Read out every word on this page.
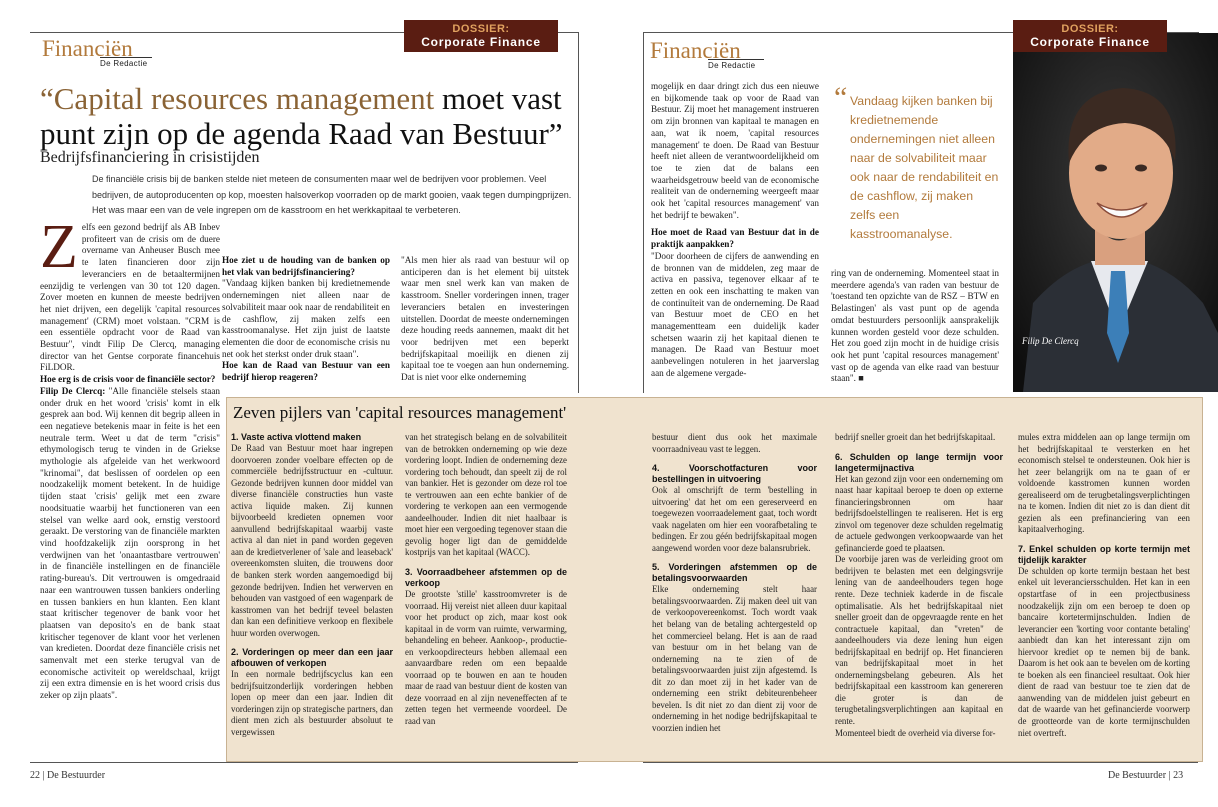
DOSSIER:
Corporate Finance
Financiën
De Redactie
“Capital resources management moet vast punt zijn op de agenda Raad van Bestuur”
Bedrijfsfinanciering in crisistijden
De financiële crisis bij de banken stelde niet meteen de consumenten maar wel de bedrijven voor problemen. Veel bedrijven, de autoproducenten op kop, moesten halsoverkop voorraden op de markt gooien, vaak tegen dumpingprijzen. Het was maar een van de vele ingrepen om de kasstroom en het werkkapitaal te verbeteren.

Zelfs een gezond bedrijf als AB Inbev profiteert van de crisis om de duere overname van Anheuser Busch mee te laten financieren door zijn leveranciers en de betaaltermijnen eenzijdig te verlengen van 30 tot 120 dagen. Zover moeten en kunnen de meeste bedrijven het niet drijven, een degelijk 'capital resources management' (CRM) moet volstaan. "CRM is een essentiële opdracht voor de Raad van Bestuur", vindt Filip De Clercq, managing director van het Gentse corporate financehuis FiLDOR.

Hoe erg is de crisis voor de financiële sector?

Filip De Clercq: "Alle financiële stelsels staan onder druk en het woord 'crisis' komt in elk gesprek aan bod. Wij kennen dit begrip alleen in een negatieve betekenis maar in feite is het een neutrale term. Weet u dat de term "crisis" ethymologisch terug te vinden in de Griekse mythologie als afgeleide van het werkwoord "krinomai", dat beslissen of oordelen op een noodzakelijk moment betekent. In de huidige tijden staat 'crisis' gelijk met een zware noodsituatie waarbij het functioneren van een stelsel van welke aard ook, ernstig verstoord geraakt. De verstoring van de financiële markten vind hoofdzakelijk zijn oorsprong in het verdwijnen van het 'onaantastbare vertrouwen' in de financiële instellingen en de financiële rating-bureau's. Dit vertrouwen is omgedraaid naar een wantrouwen tussen bankiers onderling en tussen bankiers en hun klanten. Een klant staat kritischer tegenover de bank voor het plaatsen van deposito's en de bank staat kritischer tegenover de klant voor het verlenen van kredieten. Doordat deze financiële crisis net samenvalt met een sterke terugval van de economische activiteit op wereldschaal, krijgt zij een extra dimensie en is het woord crisis dus zeker op zijn plaats".

Hoe ziet u de houding van de banken op het vlak van bedrijfsfinanciering?

"Vandaag kijken banken bij kredietnemende ondernemingen niet alleen naar de solvabiliteit maar ook naar de rendabiliteit en de cashflow, zij maken zelfs een kasstroomanalyse. Het zijn juist de laatste elementen die door de economische crisis nu net ook het sterkst onder druk staan".

Hoe kan de Raad van Bestuur van een bedrijf hierop reageren?

"Als men hier als raad van bestuur wil op anticiperen dan is het element bij uitstek waar men snel werk kan van maken de kasstroom. Sneller vorderingen innen, trager leveranciers betalen en investeringen uitstellen. Doordat de meeste ondernemingen deze houding reeds aannemen, maakt dit het voor bedrijven met een beperkt bedrijfskapitaal moeilijk en dienen zij kapitaal toe te voegen aan hun onderneming. Dat is niet voor elke onderneming

Financiën
De Redactie

mogelijk en daar dringt zich dus een nieuwe en bijkomende taak op voor de Raad van Bestuur. Zij moet het management instrueren om zijn bronnen van kapitaal te managen en aan, wat ik noem, 'capital resources management' te doen. De Raad van Bestuur heeft niet alleen de verantwoordelijkheid om toe te zien dat de balans een waarheidsgetrouw beeld van de economische realiteit van de onderneming weergeeft maar ook het 'capital resources management' van het bedrijf te bewaken".

Hoe moet de Raad van Bestuur dat in de praktijk aanpakken?

"Door doorheen de cijfers de aanwending en de bronnen van de middelen, zeg maar de activa en passiva, tegenover elkaar af te zetten en ook een inschatting te maken van de continuïteit van de onderneming. De Raad van Bestuur moet de CEO en het managementteam een duidelijk kader schetsen waarin zij het kapitaal dienen te managen. De Raad van Bestuur moet aanbevelingen notuleren in het jaarverslag aan de algemene vergade-

“ Vandaag kijken banken bij kredietnemende ondernemingen niet alleen naar de solvabiliteit maar ook naar de rendabiliteit en de cashflow, zij maken zelfs een kasstroomanalyse.

ring van de onderneming. Momenteel staat in meerdere agenda's van raden van bestuur de 'toestand ten opzichte van de RSZ – BTW en Belastingen' als vast punt op de agenda omdat bestuurders persoonlijk aansprakelijk kunnen worden gesteld voor deze schulden. Het zou goed zijn mocht in de huidige crisis ook het punt 'capital resources management' vast op de agenda van elke raad van bestuur staan". ■

Filip De Clercq
DOSSIER:
Corporate Finance
Zeven pijlers van 'capital resources management'
1. Vaste activa vlottend maken

De Raad van Bestuur moet haar ingrepen doorvoeren zonder voelbare effecten op de commerciële bedrijfsstructuur en -cultuur. Gezonde bedrijven kunnen door middel van diverse financiële constructies hun vaste activa liquide maken. Zij kunnen bijvoorbeeld kredieten opnemen voor aanvullend bedrijfskapitaal waarbij vaste activa al dan niet in pand worden gegeven aan de kredietverlener of 'sale and leaseback' overeenkomsten sluiten, die trouwens door de banken sterk worden aangemoedigd bij gezonde bedrijven. Indien het verwerven en behouden van vastgoed of een wagenpark de kasstromen van het bedrijf teveel belasten dan kan een definitieve verkoop en flexibele huur worden overwogen.

2. Vorderingen op meer dan een jaar afbouwen of verkopen

In een normale bedrijfscyclus kan een bedrijfsuitzonderlijk vorderingen hebben lopen op meer dan een jaar. Indien dit vorderingen zijn op strategische partners, dan dient men zich als bestuurder absoluut te vergewissen

van het strategisch belang en de solvabiliteit van de betrokken onderneming op wie deze vordering loopt. Indien de onderneming deze vordering toch behoudt, dan speelt zij de rol van bankier. Het is gezonder om deze rol toe te vertrouwen aan een echte bankier of de vordering te verkopen aan een vermogende aandeelhouder. Indien dit niet haalbaar is moet hier een vergoeding tegenover staan die gevolig hoger ligt dan de gemiddelde kostprijs van het kapitaal (WACC).

3. Voorraadbeheer afstemmen op de verkoop

De grootste 'stille' kasstroomvreter is de voorraad. Hij vereist niet alleen duur kapitaal voor het product op zich, maar kost ook kapitaal in de vorm van ruimte, verwarming, behandeling en beheer. Aankoop-, productie- en verkoopdirecteurs hebben allemaal een aanvaardbare reden om een bepaalde voorraad op te bouwen en aan te houden maar de raad van bestuur dient de kosten van deze voorraad en al zijn neveneffecten af te zetten tegen het vermeende voordeel. De raad van

bestuur dient dus ook het maximale voorraadniveau vast te leggen.

4. Voorschotfacturen voor bestellingen in uitvoering

Ook al omschrijft de term 'bestelling in uitvoering' dat het om een gereserveerd en toegewezen voorraadelement gaat, toch wordt vaak nagelaten om hier een voorafbetaling te bedingen. Er zou géén bedrijfskapitaal mogen aangewend worden voor deze balansrubriek.

5. Vorderingen afstemmen op de betalingsvoorwaarden

Elke onderneming stelt haar betalingsvoorwaarden. Zij maken deel uit van de verkoopovereenkomst. Toch wordt vaak het belang van de betaling achtergesteld op het commercieel belang. Het is aan de raad van bestuur om in het belang van de onderneming na te zien of de betalingsvoorwaarden juist zijn afgestemd. Is dit zo dan moet zij in het kader van de onderneming een strikt debiteurenbeheer bevelen. Is dit niet zo dan dient zij voor de onderneming in het nodige bedrijfskapitaal te voorzien indien het

bedrijf sneller groeit dan het bedrijfskapitaal.

6. Schulden op lange termijn voor langetermijnactiva

Het kan gezond zijn voor een onderneming om naast haar kapitaal beroep te doen op externe financieringsbronnen om haar bedrijfsdoelstellingen te realiseren. Het is erg zinvol om tegenover deze schulden regelmatig de actuele gedwongen verkoopwaarde van het gefinancierde goed te plaatsen.

De voorbije jaren was de verleiding groot om bedrijven te belasten met een delgingsvrije lening van de aandeelhouders tegen hoge rente. Deze techniek kaderde in de fiscale optimalisatie. Als het bedrijfskapitaal niet sneller groeit dan de opgevraagde rente en het contractuele kapitaal, dan "vreten" de aandeelhouders via deze lening hun eigen bedrijfskapitaal en bedrijf op. Het financieren van bedrijfskapitaal moet in het ondernemingsbelang gebeuren. Als het bedrijfskapitaal een kasstroom kan genereren die groter is dan de terugbetalingsverplichtingen aan kapitaal en rente.

Momenteel biedt de overheid via diverse for-

mules extra middelen aan op lange termijn om het bedrijfskapitaal te versterken en het economisch stelsel te ondersteunen. Ook hier is het zeer belangrijk om na te gaan of er voldoende kasstromen kunnen worden gerealiseerd om de terugbetalingsverplichtingen na te komen. Indien dit niet zo is dan dient dit gezien als een prefinanciering van een kapitaalverhoging.

7. Enkel schulden op korte termijn met tijdelijk karakter

De schulden op korte termijn bestaan het best enkel uit leveranciersschulden. Het kan in een opstartfase of in een projectbusiness noodzakelijk zijn om een beroep te doen op bancaire kortetermijnschulden. Indien de leverancier een 'korting voor contante betaling' aanbiedt dan kan het interessant zijn om hiervoor krediet op te nemen bij de bank. Daarom is het ook aan te bevelen om de korting te boeken als een financieel resultaat. Ook hier dient de raad van bestuur toe te zien dat de aanwending van de middelen juist gebeurt en dat de waarde van het gefinancierde voorwerp de grootteorde van de korte termijnschulden niet overtreft.

22 | De Bestuurder	De Bestuurder | 23
